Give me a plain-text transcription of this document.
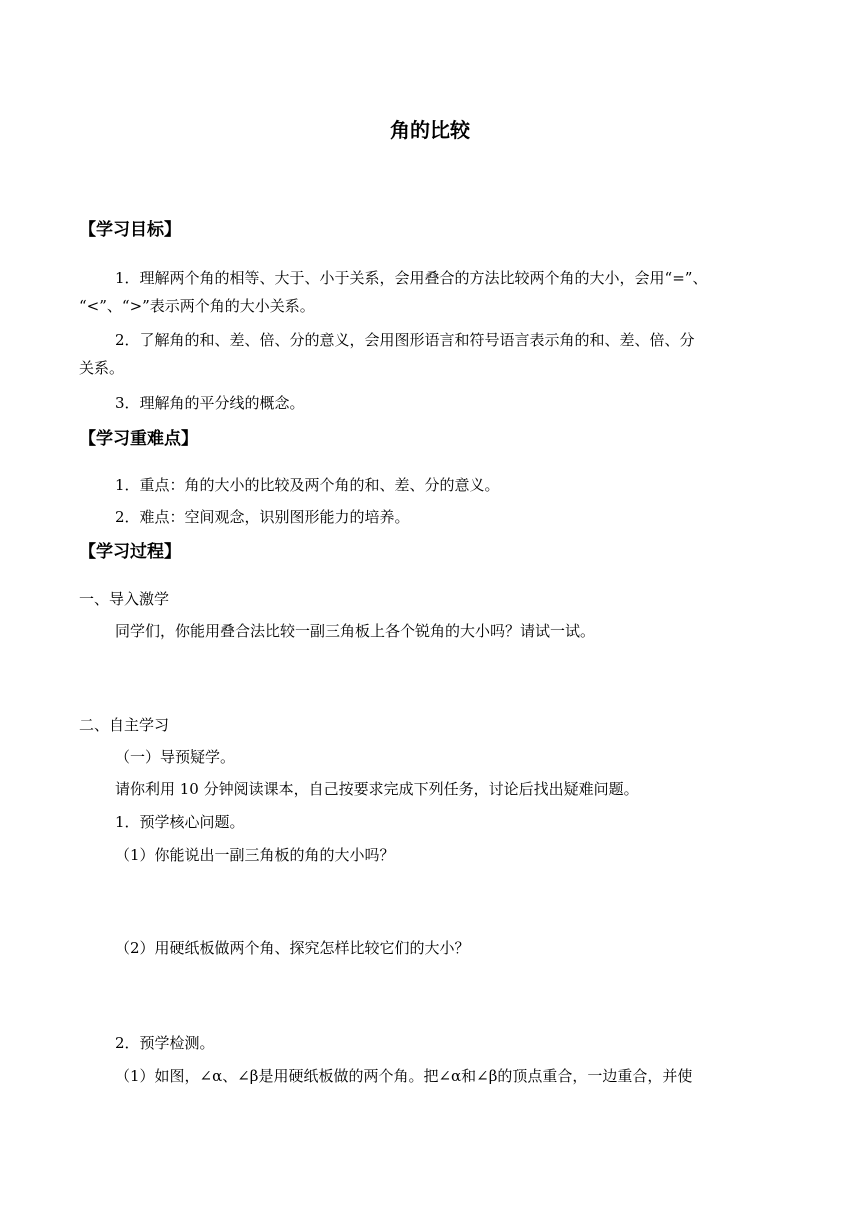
角的比较
【学习目标】
1．理解两个角的相等、大于、小于关系，会用叠合的方法比较两个角的大小，会用“=”、
“<”、“>”表示两个角的大小关系。
2．了解角的和、差、倍、分的意义，会用图形语言和符号语言表示角的和、差、倍、分
关系。
3．理解角的平分线的概念。
【学习重难点】
1．重点：角的大小的比较及两个角的和、差、分的意义。
2．难点：空间观念，识别图形能力的培养。
【学习过程】
一、导入激学
同学们，你能用叠合法比较一副三角板上各个锐角的大小吗？请试一试。
二、自主学习
（一）导预疑学。
请你利用 10 分钟阅读课本，自己按要求完成下列任务，讨论后找出疑难问题。
1．预学核心问题。
（1）你能说出一副三角板的角的大小吗？
（2）用硬纸板做两个角、探究怎样比较它们的大小？
2．预学检测。
（1）如图，∠α、∠β是用硬纸板做的两个角。把∠α和∠β的顶点重合，一边重合，并使
